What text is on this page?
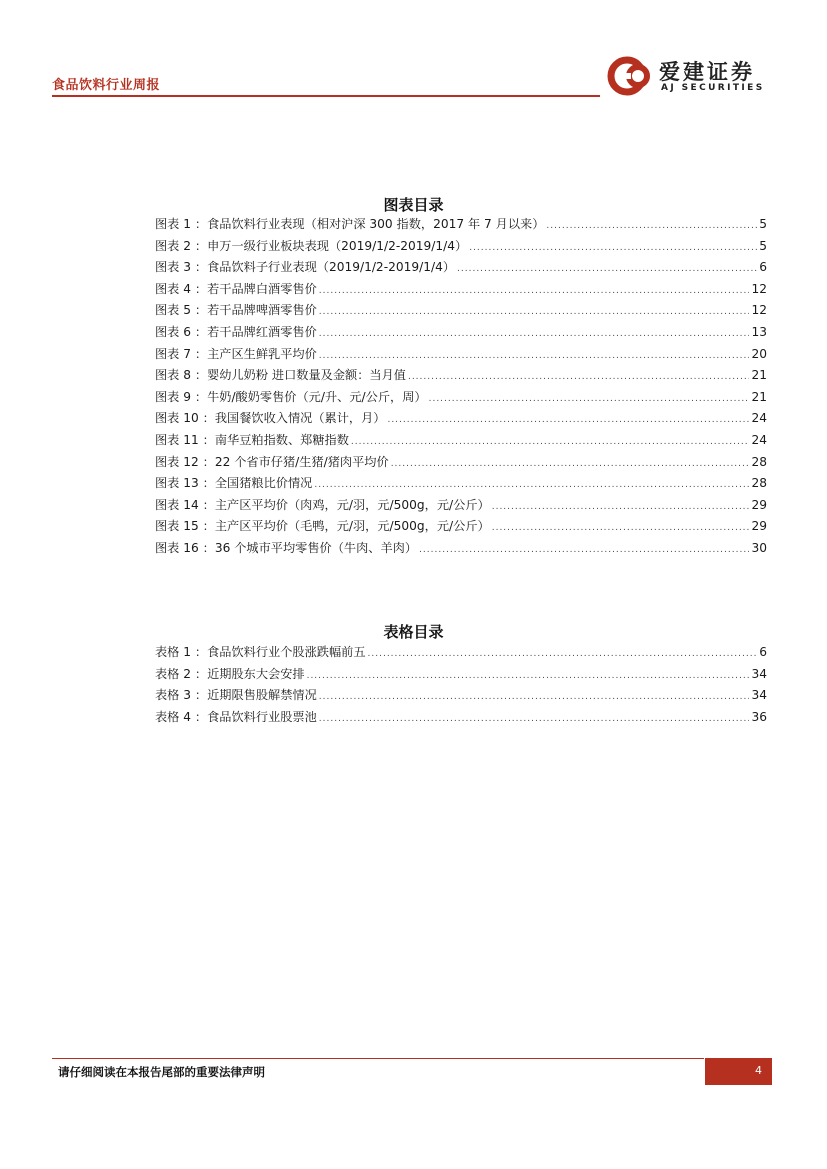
食品饮料行业周报
爱建证券
AJ SECURITIES
图表目录
图表 1 ： 食品饮料行业表现（相对沪深 300 指数，2017 年 7 月以来） .....	5
图表 2 ： 申万一级行业板块表现（2019/1/2-2019/1/4） .....	5
图表 3 ： 食品饮料子行业表现（2019/1/2-2019/1/4） .....	6
图表 4 ： 若干品牌白酒零售价 .....	12
图表 5 ： 若干品牌啤酒零售价 .....	12
图表 6 ： 若干品牌红酒零售价 .....	13
图表 7 ： 主产区生鲜乳平均价 .....	20
图表 8 ： 婴幼儿奶粉 进口数量及金额：当月值 .....	21
图表 9 ： 牛奶/酸奶零售价（元/升、元/公斤，周） .....	21
图表 10 ： 我国餐饮收入情况（累计，月） .....	24
图表 11 ： 南华豆粕指数、郑糖指数 .....	24
图表 12 ： 22 个省市仔猪/生猪/猪肉平均价 .....	28
图表 13 ： 全国猪粮比价情况 .....	28
图表 14 ： 主产区平均价（肉鸡，元/羽，元/500g，元/公斤） .....	29
图表 15 ： 主产区平均价（毛鸭，元/羽，元/500g，元/公斤） .....	29
图表 16 ： 36 个城市平均零售价（牛肉、羊肉） .....	30
表格目录
表格 1 ： 食品饮料行业个股涨跌幅前五 .....	6
表格 2 ： 近期股东大会安排 .....	34
表格 3 ： 近期限售股解禁情况 .....	34
表格 4 ： 食品饮料行业股票池 .....	36
请仔细阅读在本报告尾部的重要法律声明	4
